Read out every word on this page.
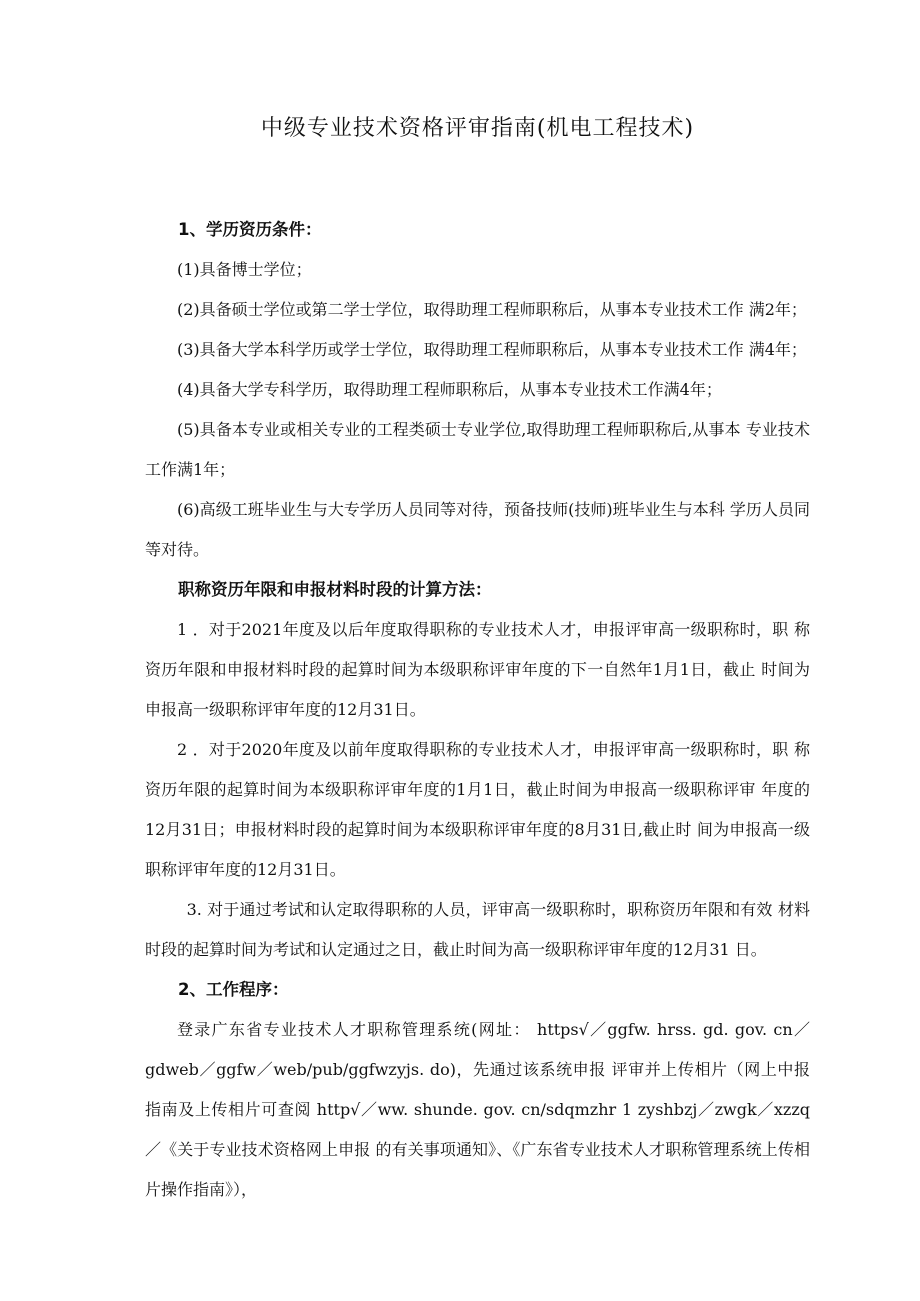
中级专业技术资格评审指南(机电工程技术)

1、学历资历条件：

(1)具备博士学位；

(2)具备硕士学位或第二学士学位，取得助理工程师职称后，从事本专业技术工作 满2年；

(3)具备大学本科学历或学士学位，取得助理工程师职称后，从事本专业技术工作 满4年；

(4)具备大学专科学历，取得助理工程师职称后，从事本专业技术工作满4年；

(5)具备本专业或相关专业的工程类硕士专业学位,取得助理工程师职称后,从事本 专业技术工作满1年；

(6)高级工班毕业生与大专学历人员同等对待，预备技师(技师)班毕业生与本科 学历人员同等对待。

职称资历年限和申报材料时段的计算方法：

1 ．对于2021年度及以后年度取得职称的专业技术人才，申报评审高一级职称时，职 称资历年限和申报材料时段的起算时间为本级职称评审年度的下一自然年1月1日，截止 时间为申报高一级职称评审年度的12月31日。

2 ．对于2020年度及以前年度取得职称的专业技术人才，申报评审高一级职称时，职 称资历年限的起算时间为本级职称评审年度的1月1日，截止时间为申报高一级职称评审 年度的12月31日；申报材料时段的起算时间为本级职称评审年度的8月31日,截止时 间为申报高一级职称评审年度的12月31日。

3. 对于通过考试和认定取得职称的人员，评审高一级职称时，职称资历年限和有效 材料时段的起算时间为考试和认定通过之日，截止时间为高一级职称评审年度的12月31 日。

2、工作程序：

登录广东省专业技术人才职称管理系统(网址： https√／ggfw. hrss. gd. gov. cn／gdweb／ggfw／web/pub/ggfwzyjs. do)，先通过该系统申报 评审并上传相片（网上中报指南及上传相片可查阅 http√／ww. shunde. gov. cn/sdqmzhr 1 zyshbzj／zwgk／xzzq／《关于专业技术资格网上申报 的有关事项通知》、《广东省专业技术人才职称管理系统上传相片操作指南》），
